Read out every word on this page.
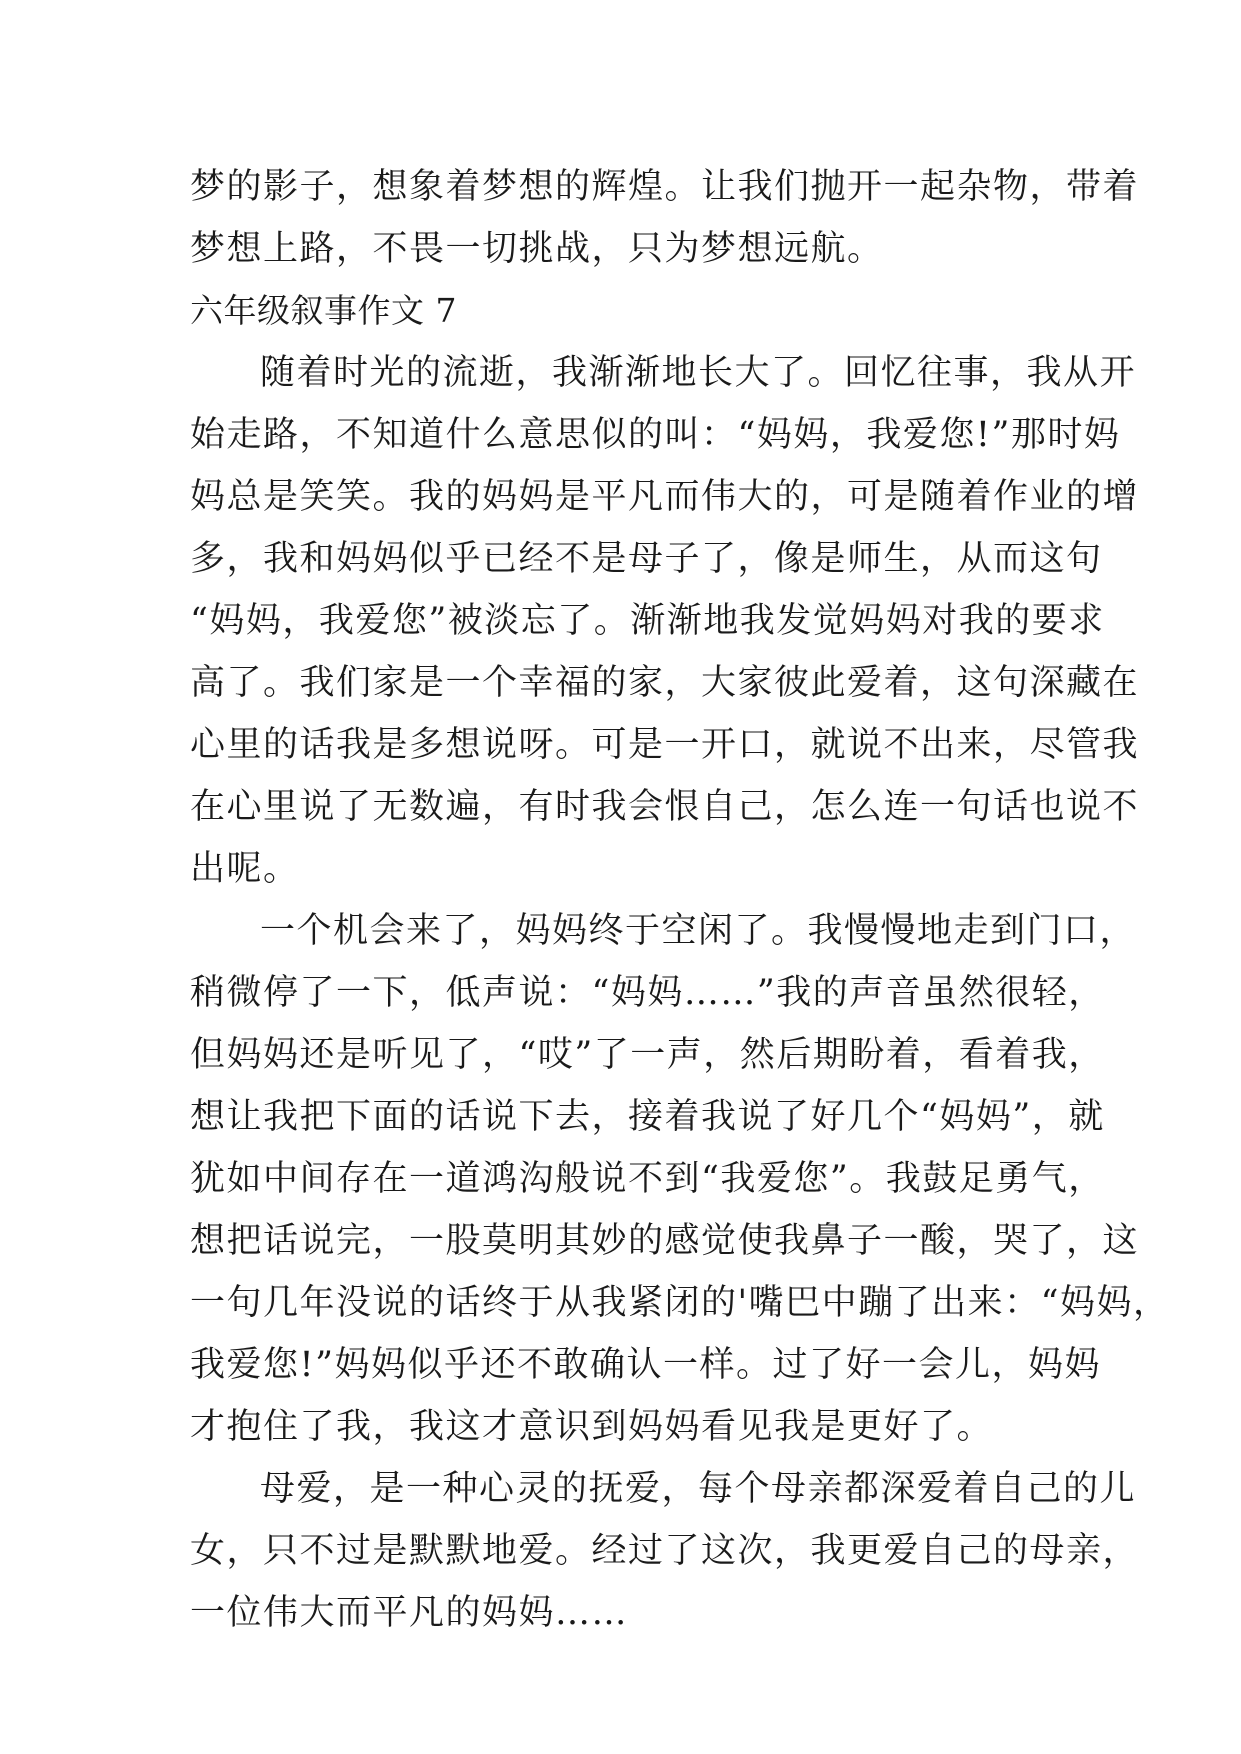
梦的影子，想象着梦想的辉煌。让我们抛开一起杂物，带着
梦想上路，不畏一切挑战，只为梦想远航。
六年级叙事作文 7
随着时光的流逝，我渐渐地长大了。回忆往事，我从开
始走路，不知道什么意思似的叫：“妈妈，我爱您!”那时妈
妈总是笑笑。我的妈妈是平凡而伟大的，可是随着作业的增
多，我和妈妈似乎已经不是母子了，像是师生，从而这句
“妈妈，我爱您”被淡忘了。渐渐地我发觉妈妈对我的要求
高了。我们家是一个幸福的家，大家彼此爱着，这句深藏在
心里的话我是多想说呀。可是一开口，就说不出来，尽管我
在心里说了无数遍，有时我会恨自己，怎么连一句话也说不
出呢。
一个机会来了，妈妈终于空闲了。我慢慢地走到门口，
稍微停了一下，低声说：“妈妈……”我的声音虽然很轻，
但妈妈还是听见了，“哎”了一声，然后期盼着，看着我，
想让我把下面的话说下去，接着我说了好几个“妈妈”，就
犹如中间存在一道鸿沟般说不到“我爱您”。我鼓足勇气，
想把话说完，一股莫明其妙的感觉使我鼻子一酸，哭了，这
一句几年没说的话终于从我紧闭的'嘴巴中蹦了出来：“妈妈，
我爱您!”妈妈似乎还不敢确认一样。过了好一会儿，妈妈
才抱住了我，我这才意识到妈妈看见我是更好了。
母爱，是一种心灵的抚爱，每个母亲都深爱着自己的儿
女，只不过是默默地爱。经过了这次，我更爱自己的母亲，
一位伟大而平凡的妈妈……
